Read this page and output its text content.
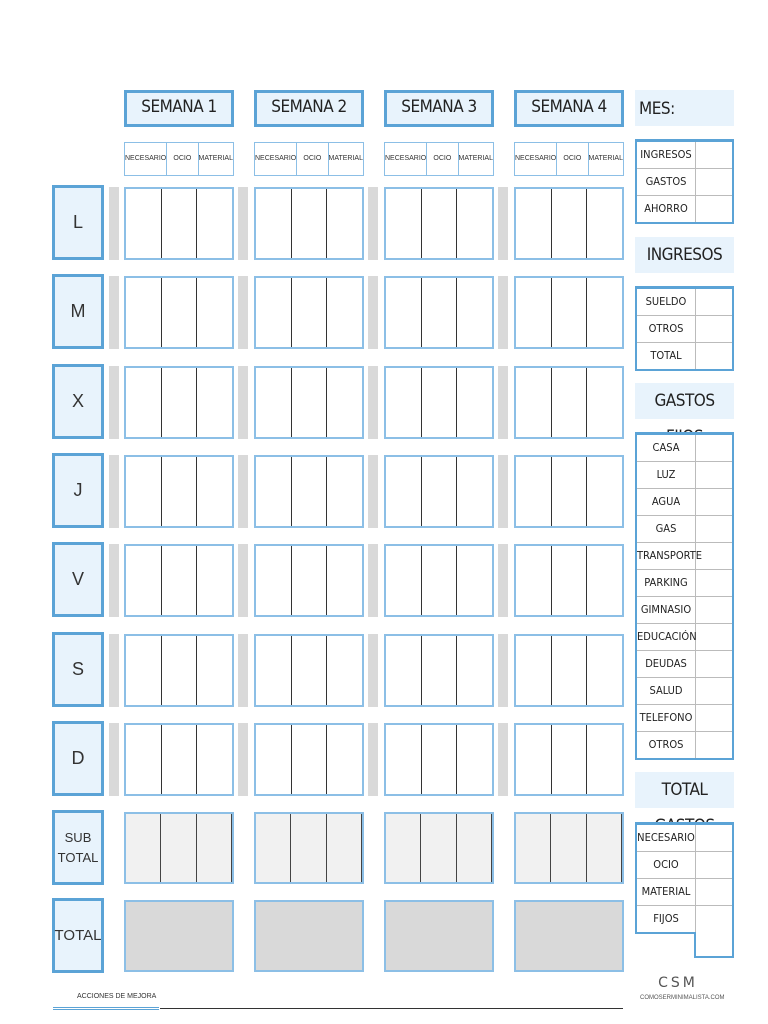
SEMANA 1
NECESARIO	OCIO	MATERIAL
SEMANA 2
NECESARIO	OCIO	MATERIAL
SEMANA 3
NECESARIO	OCIO	MATERIAL
SEMANA 4
NECESARIO	OCIO	MATERIAL
L
M
X
J
V
S
D
SUB TOTAL
TOTAL
MES:
INGRESOS
GASTOS
AHORRO
INGRESOS
SUELDO
OTROS
TOTAL
GASTOS
CASA
LUZ
AGUA
GAS
TRANSPORTE
PARKING
GIMNASIO
EDUCACIÓN
DEUDAS
SALUD
TELEFONO
OTROS
TOTAL
NECESARIO
OCIO
MATERIAL
FIJOS
ACCIONES DE MEJORA
CSM
COMOSERMINIMALISTA.COM
